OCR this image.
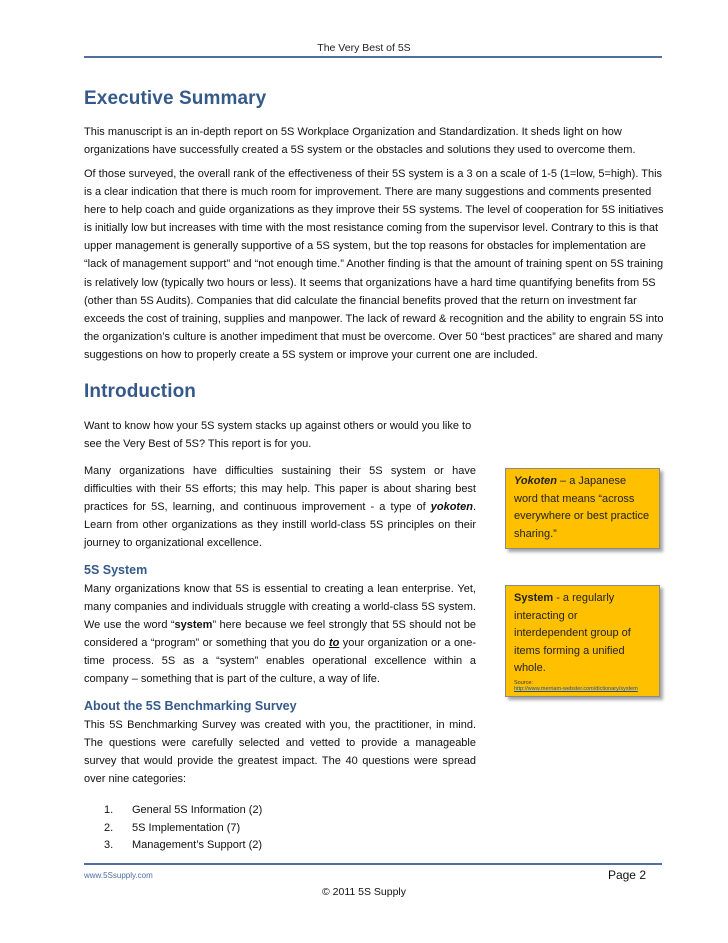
The Very Best of 5S
Executive Summary

This manuscript is an in-depth report on 5S Workplace Organization and Standardization. It sheds light on how organizations have successfully created a 5S system or the obstacles and solutions they used to overcome them.

Of those surveyed, the overall rank of the effectiveness of their 5S system is a 3 on a scale of 1-5 (1=low, 5=high). This is a clear indication that there is much room for improvement. There are many suggestions and comments presented here to help coach and guide organizations as they improve their 5S systems. The level of cooperation for 5S initiatives is initially low but increases with time with the most resistance coming from the supervisor level. Contrary to this is that upper management is generally supportive of a 5S system, but the top reasons for obstacles for implementation are “lack of management support” and “not enough time.” Another finding is that the amount of training spent on 5S training is relatively low (typically two hours or less). It seems that organizations have a hard time quantifying benefits from 5S (other than 5S Audits). Companies that did calculate the financial benefits proved that the return on investment far exceeds the cost of training, supplies and manpower. The lack of reward & recognition and the ability to engrain 5S into the organization’s culture is another impediment that must be overcome. Over 50 “best practices” are shared and many suggestions on how to properly create a 5S system or improve your current one are included.

Introduction

Want to know how your 5S system stacks up against others or would you like to see the Very Best of 5S? This report is for you.

Many organizations have difficulties sustaining their 5S system or have difficulties with their 5S efforts; this may help. This paper is about sharing best practices for 5S, learning, and continuous improvement - a type of yokoten. Learn from other organizations as they instill world-class 5S principles on their journey to organizational excellence.

Yokoten – a Japanese word that means “across everywhere or best practice sharing.”
5S System

Many organizations know that 5S is essential to creating a lean enterprise. Yet, many companies and individuals struggle with creating a world-class 5S system. We use the word “system” here because we feel strongly that 5S should not be considered a “program” or something that you do to your organization or a one-time process. 5S as a “system” enables operational excellence within a company – something that is part of the culture, a way of life.

System - a regularly interacting or interdependent group of items forming a unified whole.
Source:
http://www.merriam-webster.com/dictionary/system
About the 5S Benchmarking Survey

This 5S Benchmarking Survey was created with you, the practitioner, in mind. The questions were carefully selected and vetted to provide a manageable survey that would provide the greatest impact. The 40 questions were spread over nine categories:

1.	General 5S Information (2)
2.	5S Implementation (7)
3.	Management’s Support (2)
www.5Ssupply.com	Page 2
© 2011 5S Supply
